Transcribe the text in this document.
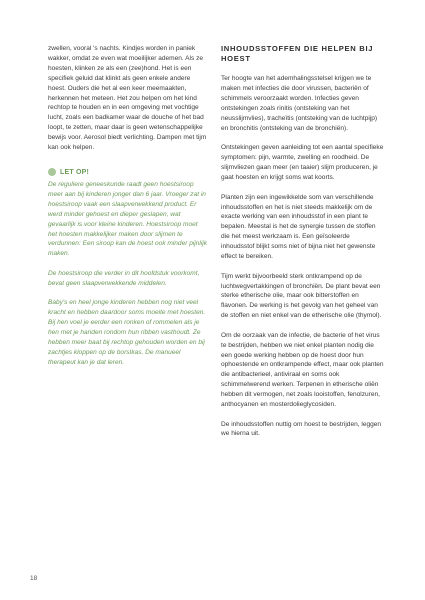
zwellen, vooral 's nachts. Kindjes worden in paniek wakker, omdat ze even wat moeilijker ademen. Als ze hoesten, klinken ze als een (zee)hond. Het is een specifiek geluid dat klinkt als geen enkele andere hoest. Ouders die het al een keer meemaakten, herkennen het meteen. Het zou helpen om het kind rechtop te houden en in een omgeving met vochtige lucht, zoals een badkamer waar de douche of het bad loopt, te zetten, maar daar is geen wetenschappelijke bewijs voor. Aerosol biedt verlichting. Dampen met tijm kan ook helpen.

LET OP!

De reguliere geneeskunde raadt geen hoestsiroop meer aan bij kinderen jonger dan 6 jaar. Vroeger zat in hoestsiroop vaak een slaapverwekkend product. Er werd minder gehoest en dieper geslapen, wat gevaarlijk is voor kleine kinderen. Hoestsiroop moet het hoesten makkelijker maken door slijmen te verdunnen: Een siroop kan de hoest ook minder pijnlijk maken.

De hoestsiroop die verder in dit hoofdstuk voorkomt, bevat geen slaapverwekkende middelen.

Baby's en heel jonge kinderen hebben nog niet veel kracht en hebben daardoor soms moeite met hoesten. Bij hen voel je eerder een ronken of rommelen als je hen met je handen rondom hun ribben vasthoudt. Ze hebben meer baat bij rechtop gehouden worden en bij zachtjes kloppen op de borstkas. De manueel therapeut kan je dat leren.

INHOUDSSTOFFEN DIE HELPEN BIJ HOEST

Ter hoogte van het ademhalingsstelsel krijgen we te maken met infecties die door virussen, bacteriën of schimmels veroorzaakt worden. Infecties geven ontstekingen zoals rinitis (ontsteking van het neusslijmvlies), tracheïtis (ontsteking van de luchtpijp) en bronchitis (ontsteking van de bronchiën).

Ontstekingen geven aanleiding tot een aantal specifieke symptomen: pijn, warmte, zwelling en roodheid. De slijmvliezen gaan meer (en taaier) slijm produceren, je gaat hoesten en krijgt soms wat koorts.

Planten zijn een ingewikkelde som van verschillende inhoudsstoffen en het is niet steeds makkelijk om de exacte werking van een inhoudsstof in een plant te bepalen. Meestal is het de synergie tussen de stoffen die het meest werkzaam is. Een geïsoleerde inhoudsstof blijkt soms niet of bijna niet het gewenste effect te bereiken.

Tijm werkt bijvoorbeeld sterk ontkrampend op de luchtwegvertakkingen of bronchiën. De plant bevat een sterke etherische olie, maar ook bitterstoffen en flavonen. De werking is het gevolg van het geheel van de stoffen en niet enkel van de etherische olie (thymol).

Om de oorzaak van de infectie, de bacterie of het virus te bestrijden, hebben we niet enkel planten nodig die een goede werking hebben op de hoest door hun ophoestende en ontkrampende effect, maar ook planten die antibacterieel, antiviraal en soms ook schimmelwerend werken. Terpenen in etherische oliën hebben dit vermogen, net zoals looistoffen, fenolzuren, anthocyanen en mosterdolieglycosiden.

De inhoudsstoffen nuttig om hoest te bestrijden, leggen we hierna uit.

18
